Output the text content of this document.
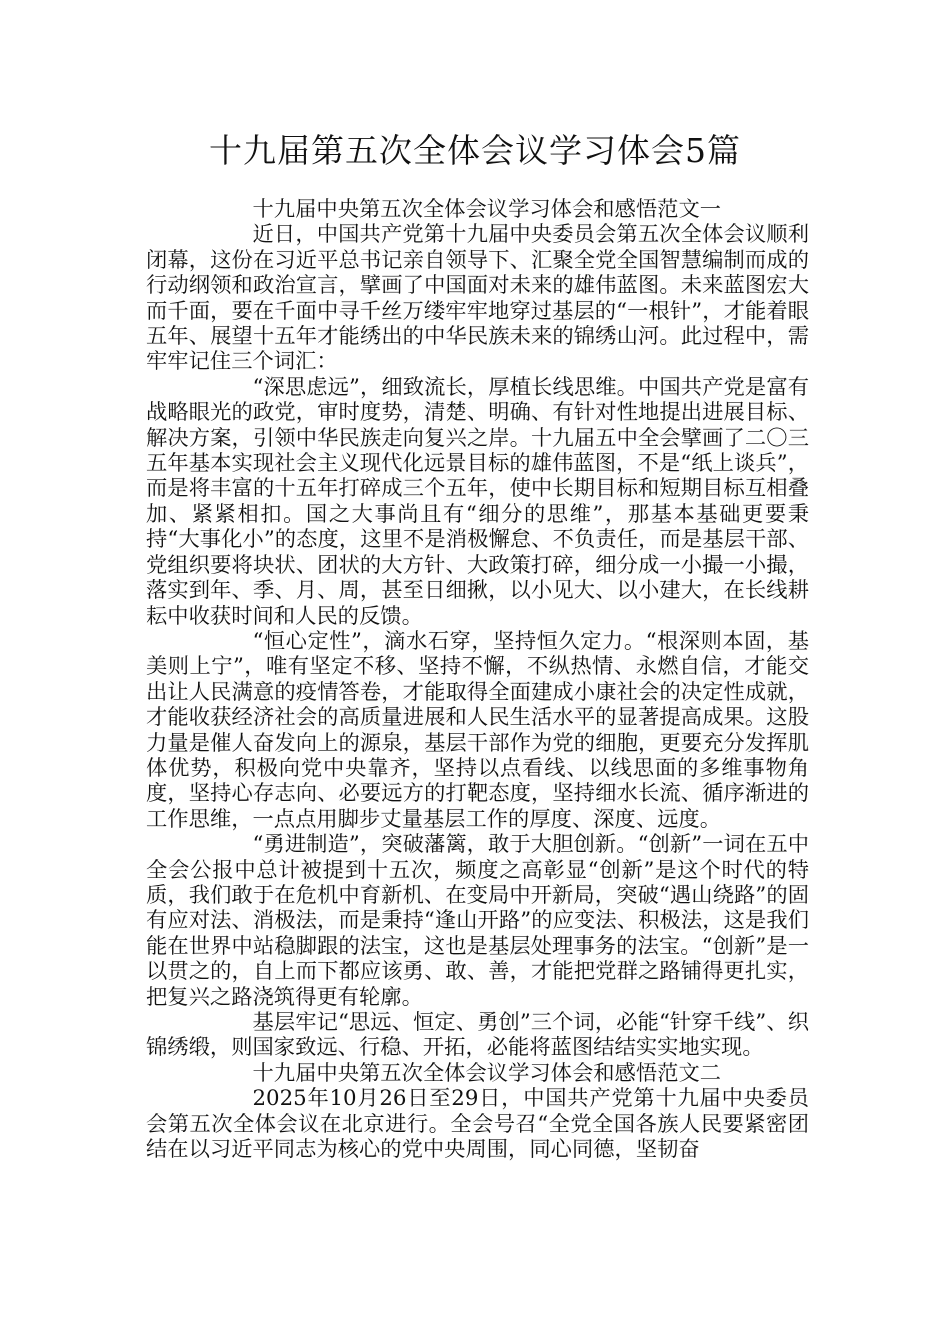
十九届第五次全体会议学习体会5篇
十九届中央第五次全体会议学习体会和感悟范文一

近日，中国共产党第十九届中央委员会第五次全体会议顺利闭幕，这份在习近平总书记亲自领导下、汇聚全党全国智慧编制而成的行动纲领和政治宣言，擘画了中国面对未来的雄伟蓝图。未来蓝图宏大而千面，要在千面中寻千丝万缕牢牢地穿过基层的“一根针”，才能着眼五年、展望十五年才能绣出的中华民族未来的锦绣山河。此过程中，需牢牢记住三个词汇：

“深思虑远”，细致流长，厚植长线思维。中国共产党是富有战略眼光的政党，审时度势，清楚、明确、有针对性地提出进展目标、解决方案，引领中华民族走向复兴之岸。十九届五中全会擘画了二〇三五年基本实现社会主义现代化远景目标的雄伟蓝图，不是“纸上谈兵”，而是将丰富的十五年打碎成三个五年，使中长期目标和短期目标互相叠加、紧紧相扣。国之大事尚且有“细分的思维”，那基本基础更要秉持“大事化小”的态度，这里不是消极懈怠、不负责任，而是基层干部、党组织要将块状、团状的大方针、大政策打碎，细分成一小撮一小撮，落实到年、季、月、周，甚至日细揪，以小见大、以小建大，在长线耕耘中收获时间和人民的反馈。

“恒心定性”，滴水石穿，坚持恒久定力。“根深则本固，基美则上宁”，唯有坚定不移、坚持不懈，不纵热情、永燃自信，才能交出让人民满意的疫情答卷，才能取得全面建成小康社会的决定性成就，才能收获经济社会的高质量进展和人民生活水平的显著提高成果。这股力量是催人奋发向上的源泉，基层干部作为党的细胞，更要充分发挥肌体优势，积极向党中央靠齐，坚持以点看线、以线思面的多维事物角度，坚持心存志向、必要远方的打靶态度，坚持细水长流、循序渐进的工作思维，一点点用脚步丈量基层工作的厚度、深度、远度。

“勇进制造”，突破藩篱，敢于大胆创新。“创新”一词在五中全会公报中总计被提到十五次，频度之高彰显“创新”是这个时代的特质，我们敢于在危机中育新机、在变局中开新局，突破“遇山绕路”的固有应对法、消极法，而是秉持“逢山开路”的应变法、积极法，这是我们能在世界中站稳脚跟的法宝，这也是基层处理事务的法宝。“创新”是一以贯之的，自上而下都应该勇、敢、善，才能把党群之路铺得更扎实，把复兴之路浇筑得更有轮廓。

基层牢记“思远、恒定、勇创”三个词，必能“针穿千线”、织锦绣缎，则国家致远、行稳、开拓，必能将蓝图结结实实地实现。

十九届中央第五次全体会议学习体会和感悟范文二

2025年10月26日至29日，中国共产党第十九届中央委员会第五次全体会议在北京进行。全会号召“全党全国各族人民要紧密团结在以习近平同志为核心的党中央周围，同心同德，坚韧奋
